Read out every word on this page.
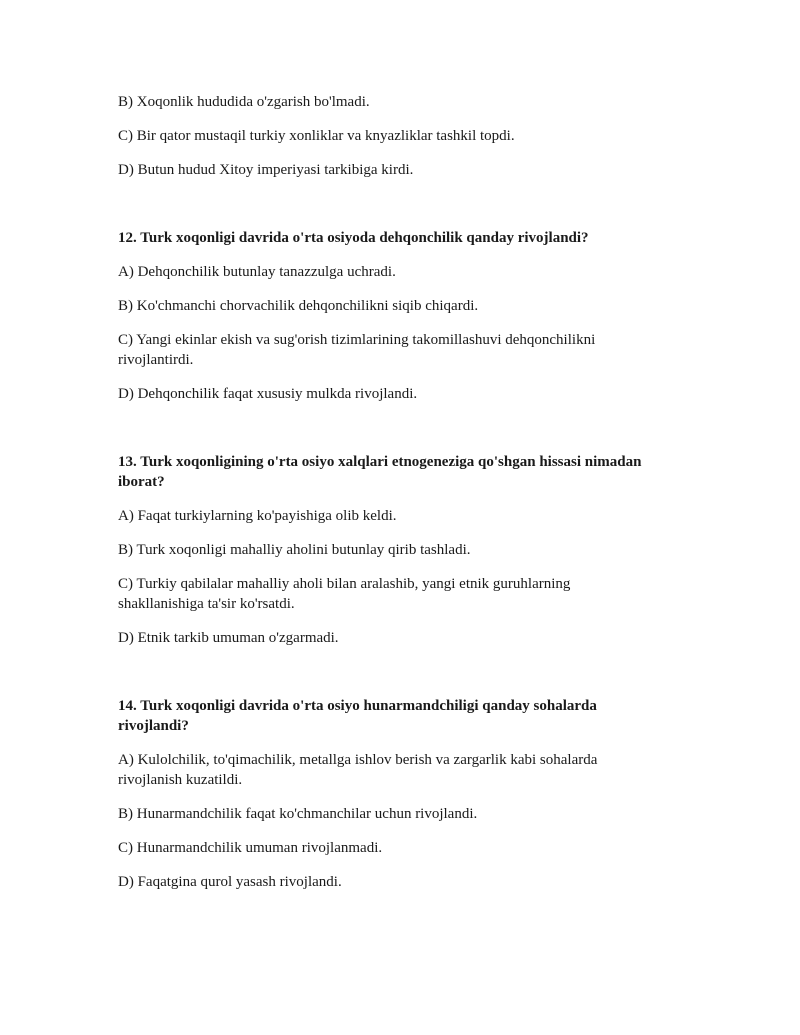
B) Xoqonlik hududida o'zgarish bo'lmadi.

C) Bir qator mustaqil turkiy xonliklar va knyazliklar tashkil topdi.

D) Butun hudud Xitoy imperiyasi tarkibiga kirdi.

12. Turk xoqonligi davrida o'rta osiyoda dehqonchilik qanday rivojlandi?

A) Dehqonchilik butunlay tanazzulga uchradi.

B) Ko'chmanchi chorvachilik dehqonchilikni siqib chiqardi.

C) Yangi ekinlar ekish va sug'orish tizimlarining takomillashuvi dehqonchilikni rivojlantirdi.

D) Dehqonchilik faqat xususiy mulkda rivojlandi.

13. Turk xoqonligining o'rta osiyo xalqlari etnogeneziga qo'shgan hissasi nimadan iborat?

A) Faqat turkiylarning ko'payishiga olib keldi.

B) Turk xoqonligi mahalliy aholini butunlay qirib tashladi.

C) Turkiy qabilalar mahalliy aholi bilan aralashib, yangi etnik guruhlarning shakllanishiga ta'sir ko'rsatdi.

D) Etnik tarkib umuman o'zgarmadi.

14. Turk xoqonligi davrida o'rta osiyo hunarmandchiligi qanday sohalarda rivojlandi?

A) Kulolchilik, to'qimachilik, metallga ishlov berish va zargarlik kabi sohalarda rivojlanish kuzatildi.

B) Hunarmandchilik faqat ko'chmanchilar uchun rivojlandi.

C) Hunarmandchilik umuman rivojlanmadi.

D) Faqatgina qurol yasash rivojlandi.
